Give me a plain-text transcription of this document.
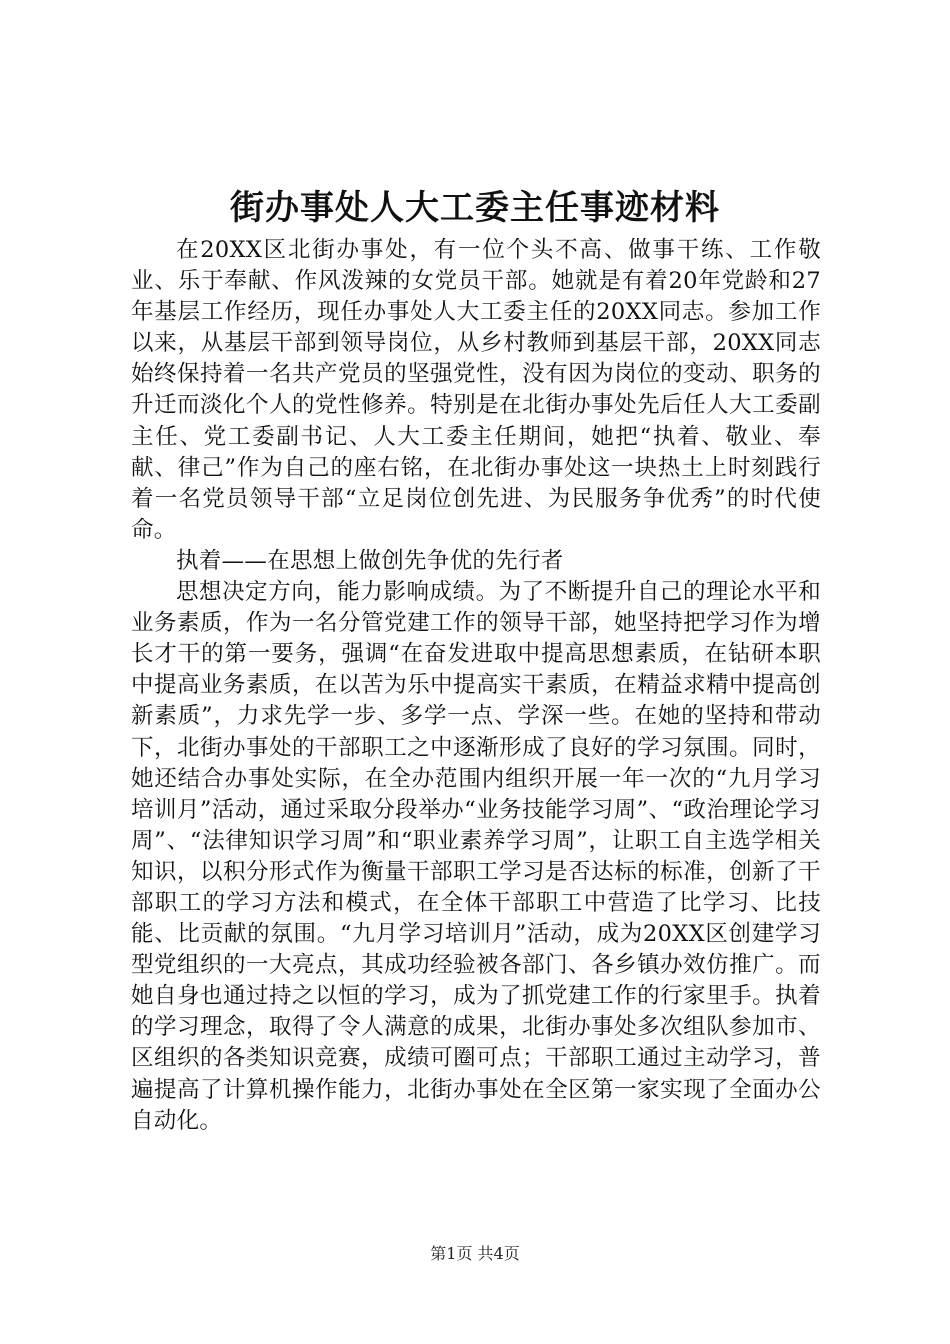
街办事处人大工委主任事迹材料

在20XX区北街办事处，有一位个头不高、做事干练、工作敬业、乐于奉献、作风泼辣的女党员干部。她就是有着20年党龄和27年基层工作经历，现任办事处人大工委主任的20XX同志。参加工作以来，从基层干部到领导岗位，从乡村教师到基层干部，20XX同志始终保持着一名共产党员的坚强党性，没有因为岗位的变动、职务的升迁而淡化个人的党性修养。特别是在北街办事处先后任人大工委副主任、党工委副书记、人大工委主任期间，她把“执着、敬业、奉献、律己”作为自己的座右铭，在北街办事处这一块热土上时刻践行着一名党员领导干部“立足岗位创先进、为民服务争优秀”的时代使命。

执着——在思想上做创先争优的先行者

思想决定方向，能力影响成绩。为了不断提升自己的理论水平和业务素质，作为一名分管党建工作的领导干部，她坚持把学习作为增长才干的第一要务，强调“在奋发进取中提高思想素质，在钻研本职中提高业务素质，在以苦为乐中提高实干素质，在精益求精中提高创新素质”，力求先学一步、多学一点、学深一些。在她的坚持和带动下，北街办事处的干部职工之中逐渐形成了良好的学习氛围。同时，她还结合办事处实际，在全办范围内组织开展一年一次的“九月学习培训月”活动，通过采取分段举办“业务技能学习周”、“政治理论学习周”、“法律知识学习周”和“职业素养学习周”，让职工自主选学相关知识，以积分形式作为衡量干部职工学习是否达标的标准，创新了干部职工的学习方法和模式，在全体干部职工中营造了比学习、比技能、比贡献的氛围。“九月学习培训月”活动，成为20XX区创建学习型党组织的一大亮点，其成功经验被各部门、各乡镇办效仿推广。而她自身也通过持之以恒的学习，成为了抓党建工作的行家里手。执着的学习理念，取得了令人满意的成果，北街办事处多次组队参加市、区组织的各类知识竞赛，成绩可圈可点；干部职工通过主动学习，普遍提高了计算机操作能力，北街办事处在全区第一家实现了全面办公自动化。

第1页 共4页
